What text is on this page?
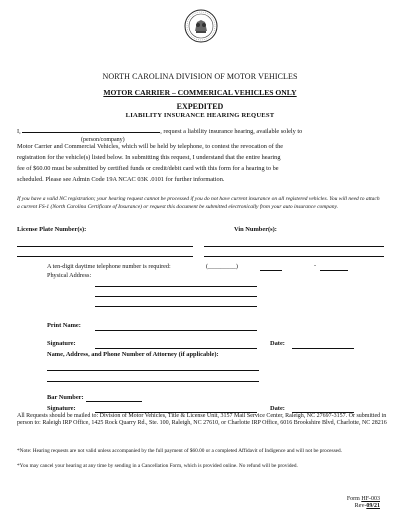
NORTH CAROLINA DIVISION OF MOTOR VEHICLES
MOTOR CARRIER – COMMERICAL VEHICLES ONLY
EXPEDITED
LIABILITY INSURANCE HEARING REQUEST
I,	, request a liability insurance hearing, available solely to
(person/company)
Motor Carrier and Commercial Vehicles, which will be held by telephone, to contest the revocation of the
registration for the vehicle(s) listed below. In submitting this request, I understand that the entire hearing
fee of $60.00 must be submitted by certified funds or credit/debit card with this form for a hearing to be
scheduled. Please see Admin Code 19A NCAC 03K .0101 for further information.
If you have a valid NC registration; your hearing request cannot be processed if you do not have current insurance on all registered vehicles. You will need to attach a current FS-1 (North Carolina Certificate of Insurance) or request this document be submitted electronically from your auto insurance company.
License Plate Number(s):	Vin Number(s):
A ten-digit daytime telephone number is required:	(_________)	-
Physical Address:
Print Name:
Signature:	Date:
Name, Address, and Phone Number of Attorney (if applicable):
Bar Number:
Signature:	Date:
All Requests should be mailed to: Division of Motor Vehicles, Title & License Unit, 3157 Mail Service Center, Raleigh, NC 27697-3157. Or submitted in person to: Raleigh IRP Office, 1425 Rock Quarry Rd., Ste. 100, Raleigh, NC 27610, or Charlotte IRP Office, 6016 Brookshire Blvd, Charlotte, NC 28216
*Note: Hearing requests are not valid unless accompanied by the full payment of $60.00 or a completed Affidavit of Indigence and will not be processed.
*You may cancel your hearing at any time by sending in a Cancellation Form, which is provided online. No refund will be provided.
Form HF-003
Rev-09/21
